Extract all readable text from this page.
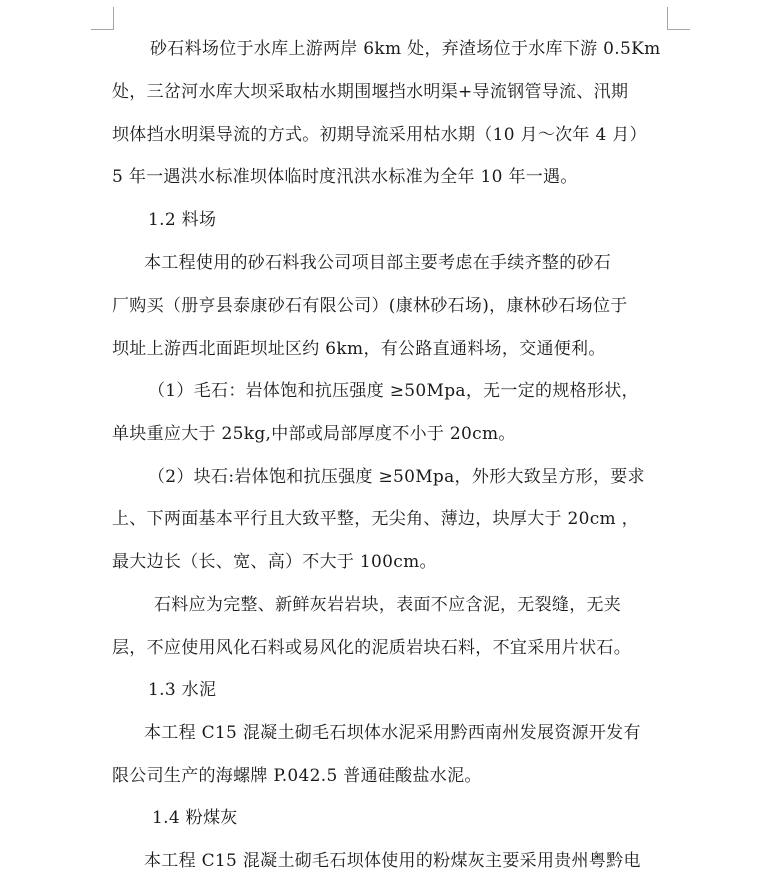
砂石料场位于水库上游两岸 6km 处，弃渣场位于水库下游 0.5Km
处，三岔河水库大坝采取枯水期围堰挡水明渠+导流钢管导流、汛期
坝体挡水明渠导流的方式。初期导流采用枯水期（10 月～次年 4 月）
5 年一遇洪水标准坝体临时度汛洪水标准为全年 10 年一遇。
1.2 料场
本工程使用的砂石料我公司项目部主要考虑在手续齐整的砂石
厂购买（册亨县泰康砂石有限公司）(康林砂石场)，康林砂石场位于
坝址上游西北面距坝址区约 6km，有公路直通料场，交通便利。
（1）毛石：岩体饱和抗压强度 ≥50Mpa，无一定的规格形状，
单块重应大于 25kg,中部或局部厚度不小于 20cm。
（2）块石:岩体饱和抗压强度 ≥50Mpa，外形大致呈方形，要求
上、下两面基本平行且大致平整，无尖角、薄边，块厚大于 20cm ，
最大边长（长、宽、高）不大于 100cm。
石料应为完整、新鲜灰岩岩块，表面不应含泥，无裂缝，无夹
层，不应使用风化石料或易风化的泥质岩块石料，不宜采用片状石。
1.3 水泥
本工程 C15 混凝土砌毛石坝体水泥采用黔西南州发展资源开发有
限公司生产的海螺牌 P.042.5 普通硅酸盐水泥。
1.4 粉煤灰
本工程 C15 混凝土砌毛石坝体使用的粉煤灰主要采用贵州粤黔电
